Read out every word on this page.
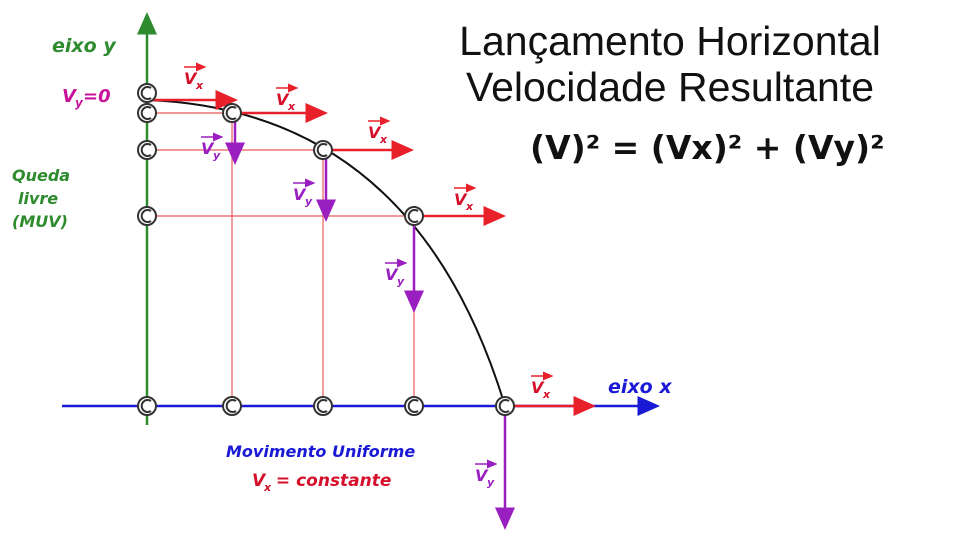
eixo y
eixo x
V y =0
Queda
livre
(MUV)
Movimento Uniforme
V
x
= constante
V x
V x
V x
V x
V x
V y
V y
V y
V y
Lançamento Horizontal
Velocidade Resultante
(V)² = (Vx)² + (Vy)²
